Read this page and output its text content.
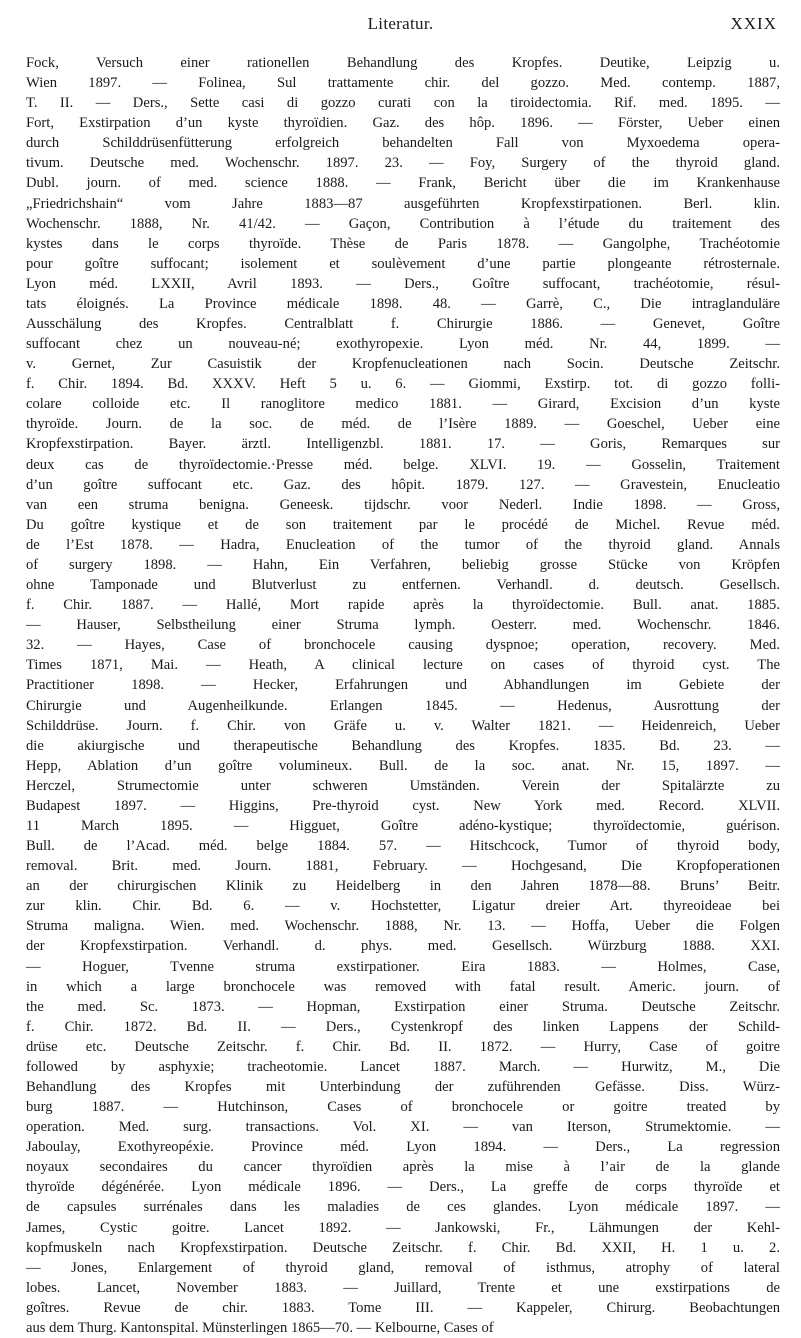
Literatur.	XXIX
Fock, Versuch einer rationellen Behandlung des Kropfes. Deutike, Leipzig u.
Wien 1897. — Folinea, Sul trattamente chir. del gozzo. Med. contemp. 1887,
T. II. — Ders., Sette casi di gozzo curati con la tiroidectomia. Rif. med. 1895. —
Fort, Exstirpation d’un kyste thyroïdien. Gaz. des hôp. 1896. — Förster, Ueber einen
durch Schilddrüsenfütterung erfolgreich behandelten Fall von Myxoedema opera-
tivum. Deutsche med. Wochenschr. 1897. 23. — Foy, Surgery of the thyroid gland.
Dubl. journ. of med. science 1888. — Frank, Bericht über die im Krankenhause
„Friedrichshain“ vom Jahre 1883—87 ausgeführten Kropfexstirpationen. Berl. klin.
Wochenschr. 1888, Nr. 41/42. — Gaçon, Contribution à l’étude du traitement des
kystes dans le corps thyroïde. Thèse de Paris 1878. — Gangolphe, Trachéotomie
pour goître suffocant; isolement et soulèvement d’une partie plongeante rétrosternale.
Lyon méd. LXXII, Avril 1893. — Ders., Goître suffocant, trachéotomie, résul-
tats éloignés. La Province médicale 1898. 48. — Garrè, C., Die intraglanduläre
Ausschälung des Kropfes. Centralblatt f. Chirurgie 1886. — Genevet, Goître
suffocant chez un nouveau-né; exothyropexie. Lyon méd. Nr. 44, 1899. —
v. Gernet, Zur Casuistik der Kropfenucleationen nach Socin. Deutsche Zeitschr.
f. Chir. 1894. Bd. XXXV. Heft 5 u. 6. — Giommi, Exstirp. tot. di gozzo folli-
colare colloide etc. Il ranoglitore medico 1881. — Girard, Excision d’un kyste
thyroïde. Journ. de la soc. de méd. de l’Isère 1889. — Goeschel, Ueber eine
Kropfexstirpation. Bayer. ärztl. Intelligenzbl. 1881. 17. — Goris, Remarques sur
deux cas de thyroïdectomie.·Presse méd. belge. XLVI. 19. — Gosselin, Traitement
d’un goître suffocant etc. Gaz. des hôpit. 1879. 127. — Gravestein, Enucleatio
van een struma benigna. Geneesk. tijdschr. voor Nederl. Indie 1898. — Gross,
Du goître kystique et de son traitement par le procédé de Michel. Revue méd.
de l’Est 1878. — Hadra, Enucleation of the tumor of the thyroid gland. Annals
of surgery 1898. — Hahn, Ein Verfahren, beliebig grosse Stücke von Kröpfen
ohne Tamponade und Blutverlust zu entfernen. Verhandl. d. deutsch. Gesellsch.
f. Chir. 1887. — Hallé, Mort rapide après la thyroïdectomie. Bull. anat. 1885.
— Hauser, Selbstheilung einer Struma lymph. Oesterr. med. Wochenschr. 1846.
32. — Hayes, Case of bronchocele causing dyspnoe; operation, recovery. Med.
Times 1871, Mai. — Heath, A clinical lecture on cases of thyroid cyst. The
Practitioner 1898. — Hecker, Erfahrungen und Abhandlungen im Gebiete der
Chirurgie und Augenheilkunde. Erlangen 1845. — Hedenus, Ausrottung der
Schilddrüse. Journ. f. Chir. von Gräfe u. v. Walter 1821. — Heidenreich, Ueber
die akiurgische und therapeutische Behandlung des Kropfes. 1835. Bd. 23. —
Hepp, Ablation d’un goître volumineux. Bull. de la soc. anat. Nr. 15, 1897. —
Herczel, Strumectomie unter schweren Umständen. Verein der Spitalärzte zu
Budapest 1897. — Higgins, Pre-thyroid cyst. New York med. Record. XLVII.
11 March 1895. — Higguet, Goître adéno-kystique; thyroïdectomie, guérison.
Bull. de l’Acad. méd. belge 1884. 57. — Hitschcock, Tumor of thyroid body,
removal. Brit. med. Journ. 1881, February. — Hochgesand, Die Kropfoperationen
an der chirurgischen Klinik zu Heidelberg in den Jahren 1878—88. Bruns’ Beitr.
zur klin. Chir. Bd. 6. — v. Hochstetter, Ligatur dreier Art. thyreoideae bei
Struma maligna. Wien. med. Wochenschr. 1888, Nr. 13. — Hoffa, Ueber die Folgen
der Kropfexstirpation. Verhandl. d. phys. med. Gesellsch. Würzburg 1888. XXI.
— Hoguer, Tvenne struma exstirpationer. Eira 1883. — Holmes, Case,
in which a large bronchocele was removed with fatal result. Americ. journ. of
the med. Sc. 1873. — Hopman, Exstirpation einer Struma. Deutsche Zeitschr.
f. Chir. 1872. Bd. II. — Ders., Cystenkropf des linken Lappens der Schild-
drüse etc. Deutsche Zeitschr. f. Chir. Bd. II. 1872. — Hurry, Case of goitre
followed by asphyxie; tracheotomie. Lancet 1887. March. — Hurwitz, M., Die
Behandlung des Kropfes mit Unterbindung der zuführenden Gefässe. Diss. Würz-
burg 1887. — Hutchinson, Cases of bronchocele or goitre treated by
operation. Med. surg. transactions. Vol. XI. — van Iterson, Strumektomie. —
Jaboulay, Exothyreopéxie. Province méd. Lyon 1894. — Ders., La regression
noyaux secondaires du cancer thyroïdien après la mise à l’air de la glande
thyroïde dégénérée. Lyon médicale 1896. — Ders., La greffe de corps thyroïde et
de capsules surrénales dans les maladies de ces glandes. Lyon médicale 1897. —
James, Cystic goitre. Lancet 1892. — Jankowski, Fr., Lähmungen der Kehl-
kopfmuskeln nach Kropfexstirpation. Deutsche Zeitschr. f. Chir. Bd. XXII, H. 1 u. 2.
— Jones, Enlargement of thyroid gland, removal of isthmus, atrophy of lateral
lobes. Lancet, November 1883. — Juillard, Trente et une exstirpations de
goîtres. Revue de chir. 1883. Tome III. — Kappeler, Chirurg. Beobachtungen
aus dem Thurg. Kantonspital. Münsterlingen 1865—70. — Kelbourne, Cases of
